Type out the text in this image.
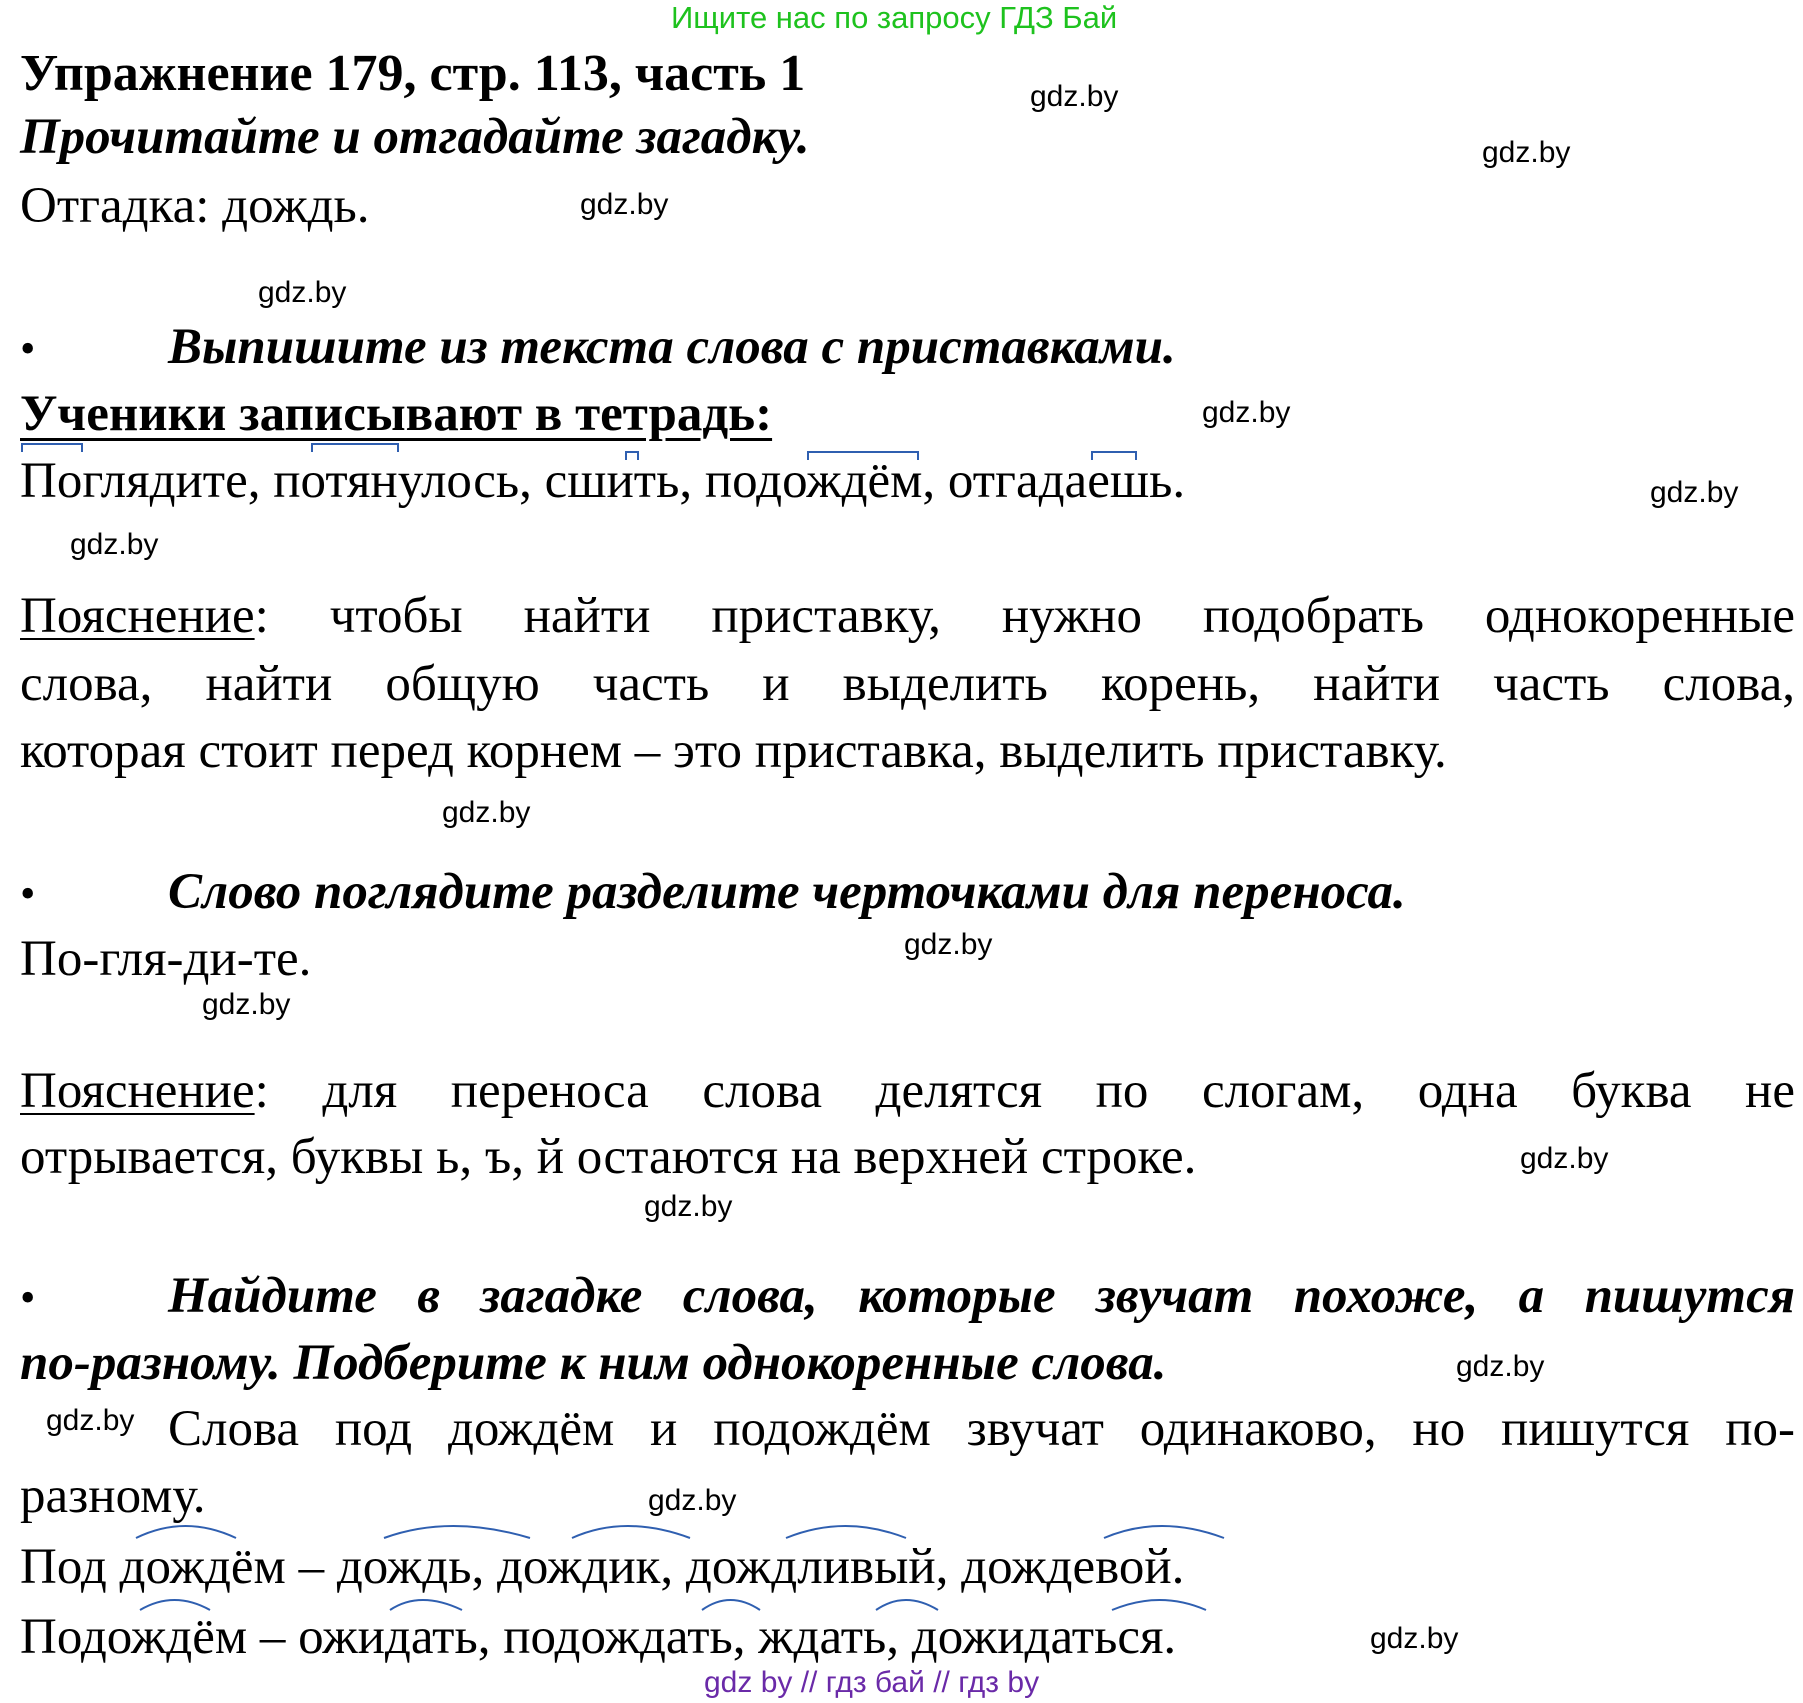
Ищите нас по запросу ГДЗ Бай
Упражнение 179, стр. 113, часть 1
Прочитайте и отгадайте загадку.
Отгадка: дождь.
•	Выпишите из текста слова с приставками.
Ученики записывают в тетрадь:
Поглядите, потянулось, сшить, подождём, отгадаешь.
Пояснение: чтобы найти приставку, нужно подобрать однокоренные
слова, найти общую часть и выделить корень, найти часть слова,
которая стоит перед корнем – это приставка, выделить приставку.
•	Слово поглядите разделите черточками для переноса.
По-гля-ди-те.
Пояснение: для переноса слова делятся по слогам, одна буква не
отрывается, буквы ь, ъ, й остаются на верхней строке.
•	Найдите в загадке слова, которые звучат похоже, а пишутся
по-разному. Подберите к ним однокоренные слова.
Слова под дождём и подождём звучат одинаково, но пишутся по-
разному.
Под дождём – дождь, дождик, дождливый, дождевой.
Подождём – ожидать, подождать, ждать, дожидаться.
gdz.by
gdz.by
gdz.by
gdz.by
gdz.by
gdz.by
gdz.by
gdz.by
gdz.by
gdz.by
gdz.by
gdz.by
gdz.by
gdz.by
gdz.by
gdz.by
gdz by // гдз бай // гдз by
